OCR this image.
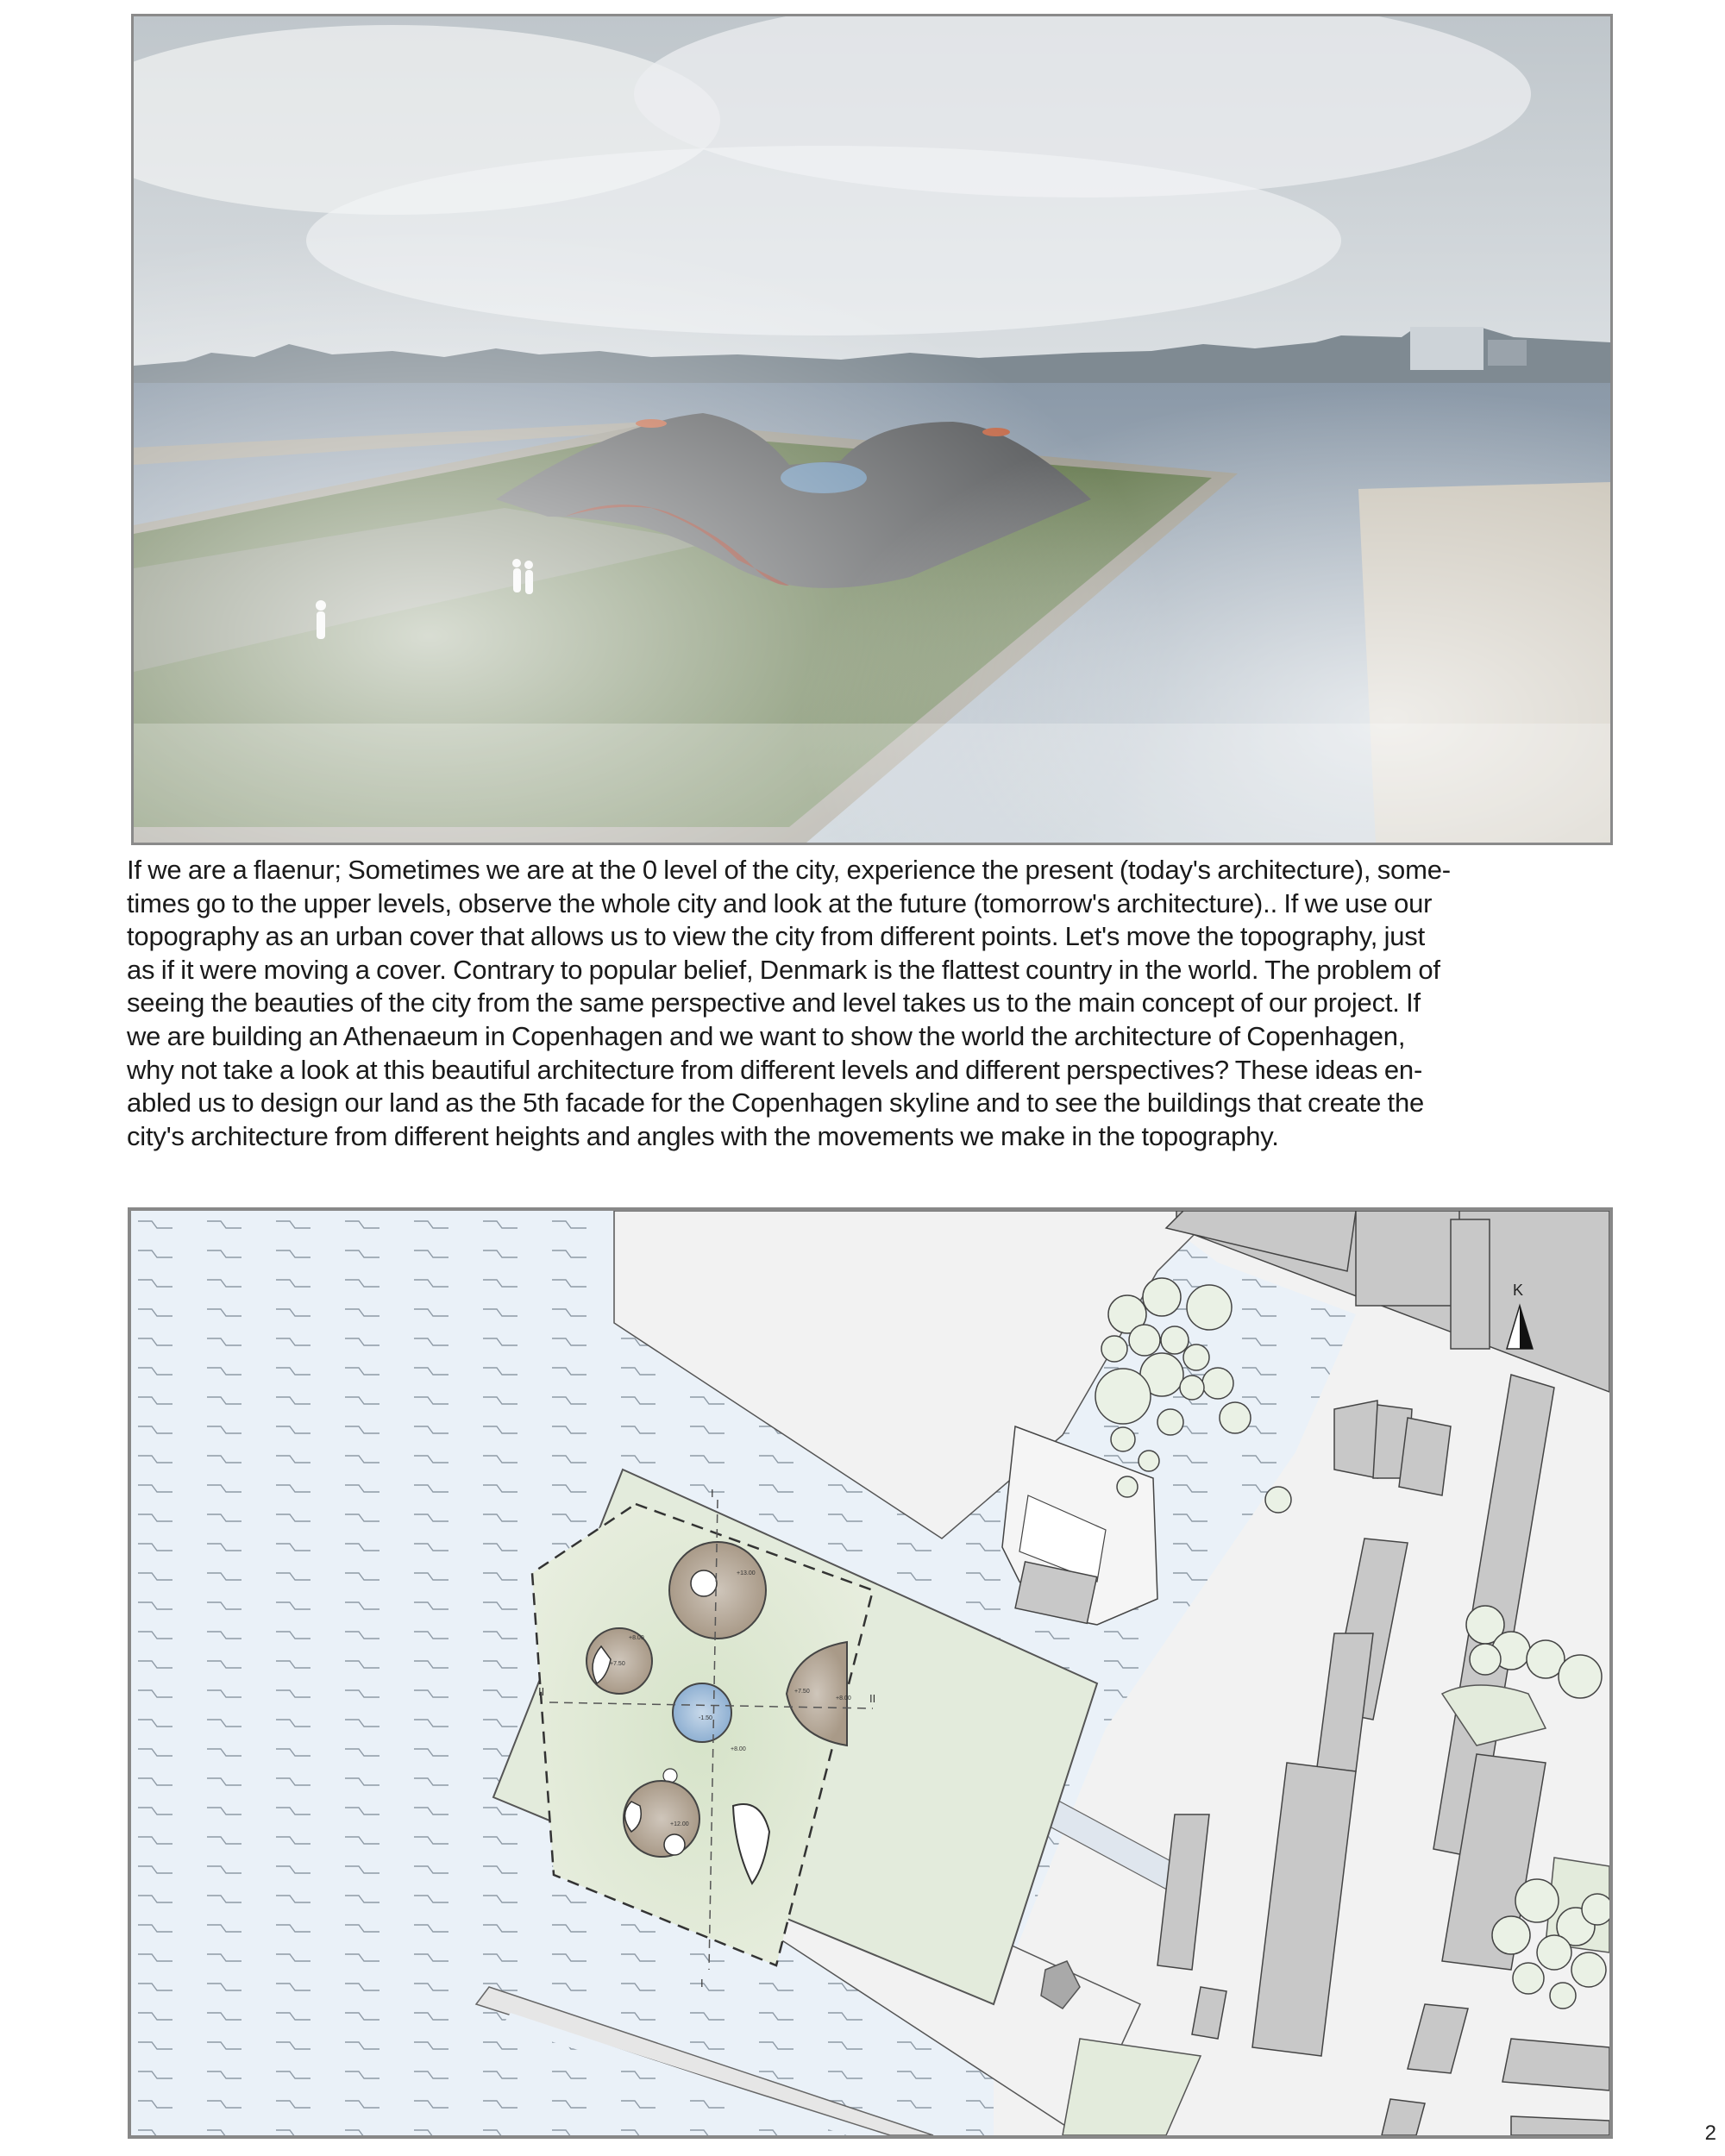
If we are a flaenur; Sometimes we are at the 0 level of the city, experience the present (today's architecture), some-
times go to the upper levels, observe the whole city and look at the future (tomorrow's architecture).. If we use our
topography as an urban cover that allows us to view the city from different points. Let's move the topography, just
as if it were moving a cover. Contrary to popular belief, Denmark is the flattest country in the world. The problem of
seeing the beauties of the city from the same perspective and level takes us to the main concept of our project. If
we are building an Athenaeum in Copenhagen and we want to show the world the architecture of Copenhagen,
why not take a look at this beautiful architecture from different levels and different perspectives? These ideas en-
abled us to design our land as the 5th facade for the Copenhagen skyline and to see the buildings that create the
city's architecture from different heights and angles with the movements we make in the topography.
I
I
II
II
+13.00
+8.00
+7.50
+7.50
+8.00
-1.50
+8.00
+12.00
K
2
